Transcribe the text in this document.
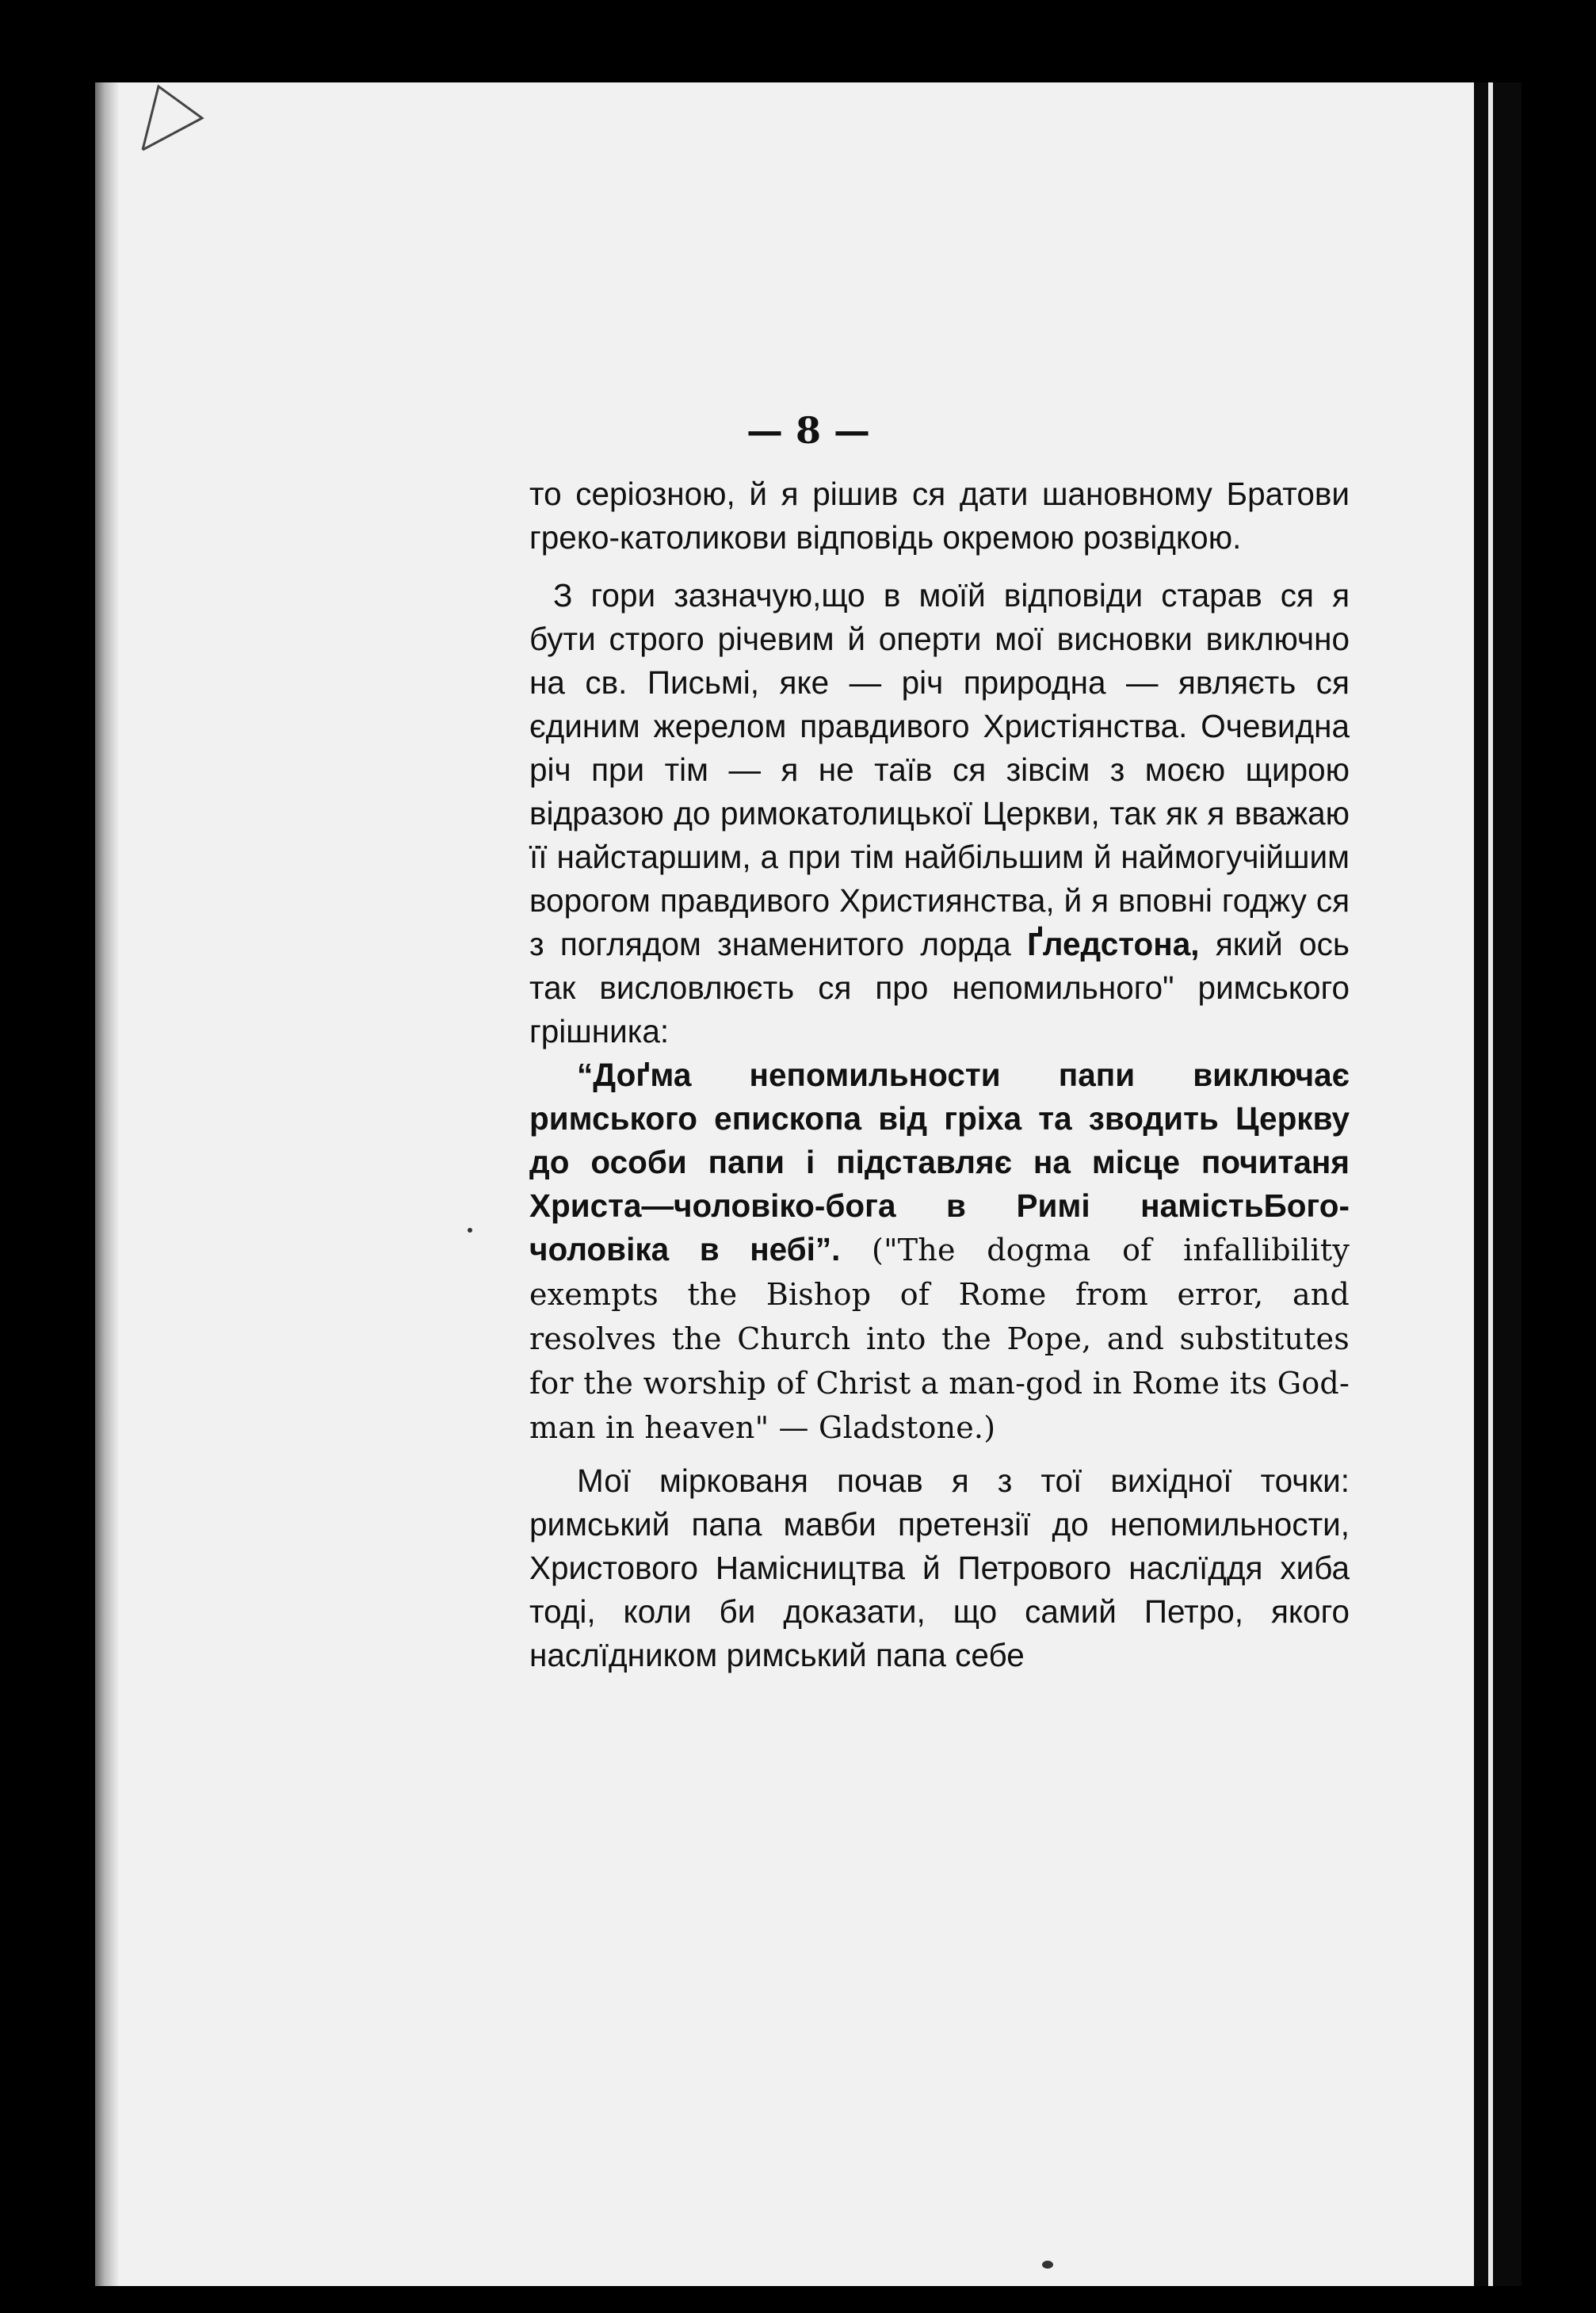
— 8 —

то серіозною, й я рішив ся дати шановному Братови греко-католикови відповідь окремою розвідкою.

З гори зазначую,що в моїй відповіди старав ся я бути строго річевим й оперти мої висновки виключно на св. Письмі, яке — річ природна — являєть ся єдиним жерелом правдивого Христіянства. Очевидна річ при тім — я не таїв ся зівсім з моєю щирою відразою до римокатолицької Церкви, так як я вважаю її найстаршим, а при тім найбільшим й наймогучійшим ворогом правдивого Християнства, й я вповні годжу ся з поглядом знаменитого лорда Ґледстона, який ось так висловлюєть ся про непомильного" римського грішника:

“Доґма непомильности папи виключає римського епископа від гріха та зводить Церкву до особи папи і підставляє на місце почитаня Христа—чоловіко-бога в Римі намістьБого-чоловіка в небі”. ("The dogma of infallibility exempts the Bishop of Rome from error, and resolves the Church into the Pope, and substitutes for the worship of Christ a man-god in Rome its God-man in heaven" — Gladstone.)

Мої міркованя почав я з тої вихідної точки: римський папа мавби претензії до непомильности, Христового Намісництва й Петрового наслїддя хиба тоді, коли би доказати, що самий Петро, якого наслїдником римський папа себе
